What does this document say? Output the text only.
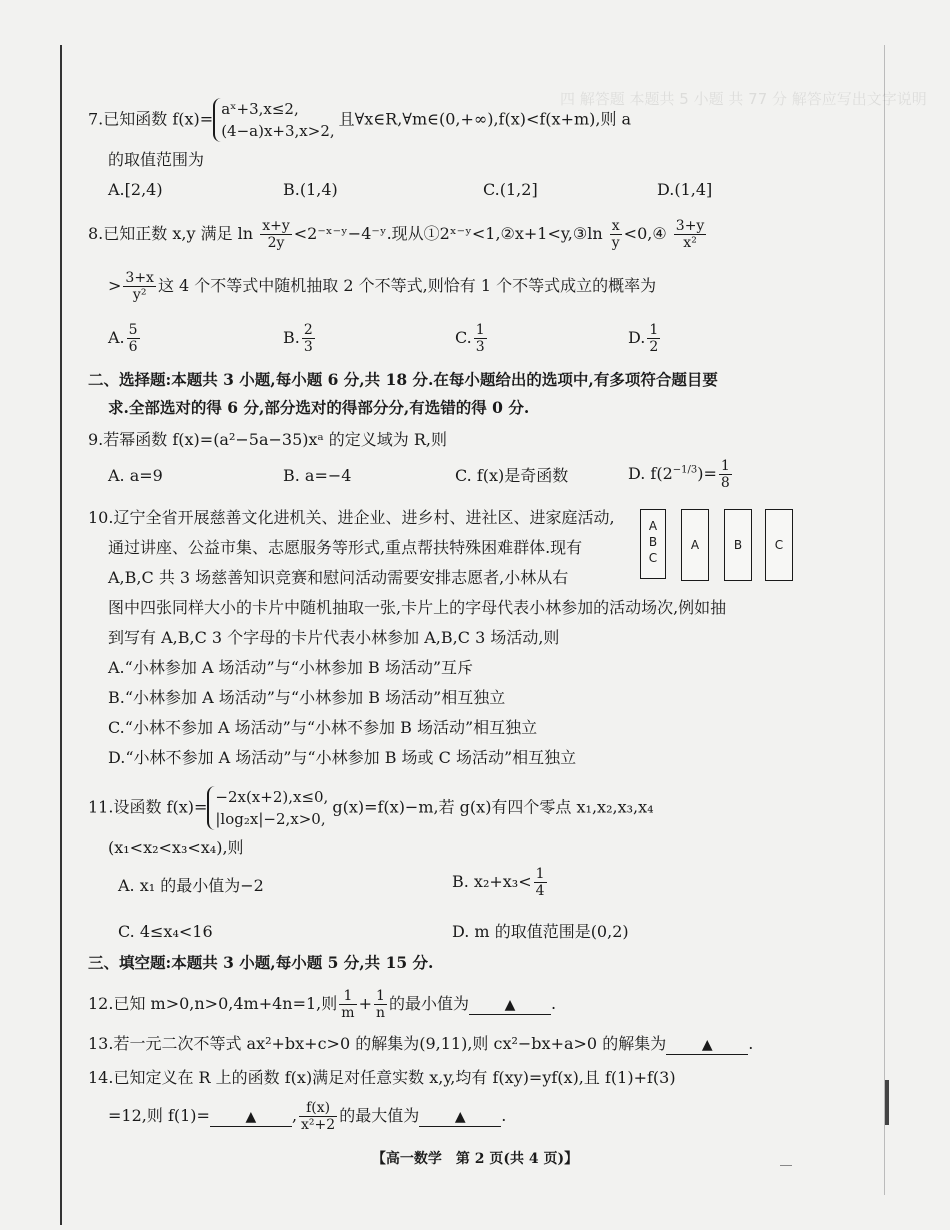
四 解答题 本题共 5 小题 共 77 分 解答应写出文字说明
7.已知函数 f(x)=
aˣ+3,x≤2,
(4−a)x+3,x>2,
且∀x∈R,∀m∈(0,+∞),f(x)<f(x+m),则 a
的取值范围为
A.[2,4)	B.(1,4)	C.(1,2]	D.(1,4]
8.已知正数 x,y 满足 $\ln \frac{x+y}{2y}$ <2⁻ˣ⁻ʸ−4⁻ʸ.现从①2ˣ⁻ʸ<1,②x+1<y,③ln $\frac{x}{y}$ <0,④ $\frac{3+y}{\text{x²}}$
> $\frac{3+x}{\text{y²}}$ 这 4 个不等式中随机抽取 2 个不等式,则恰有 1 个不等式成立的概率为
A. $\frac{5}{6}$	B. $\frac{2}{3}$	C. $\frac{1}{3}$	D. $\frac{1}{2}$
二、选择题:本题共 3 小题,每小题 6 分,共 18 分.在每小题给出的选项中,有多项符合题目要
求.全部选对的得 6 分,部分选对的得部分分,有选错的得 0 分.
9.若幂函数 f(x)=(a²−5a−35)xᵃ 的定义域为 R,则
A. a=9	B. a=−4	C. f(x)是奇函数	D. $f(2^{-1/3})= \frac{1}{8}$
10.辽宁全省开展慈善文化进机关、进企业、进乡村、进社区、进家庭活动,
通过讲座、公益市集、志愿服务等形式,重点帮扶特殊困难群体.现有
A,B,C 共 3 场慈善知识竞赛和慰问活动需要安排志愿者,小林从右
图中四张同样大小的卡片中随机抽取一张,卡片上的字母代表小林参加的活动场次,例如抽
到写有 A,B,C 3 个字母的卡片代表小林参加 A,B,C 3 场活动,则
A
B
C
A	B	C
A.“小林参加 A 场活动”与“小林参加 B 场活动”互斥
B.“小林参加 A 场活动”与“小林参加 B 场活动”相互独立
C.“小林不参加 A 场活动”与“小林不参加 B 场活动”相互独立
D.“小林不参加 A 场活动”与“小林参加 B 场或 C 场活动”相互独立
11.设函数 f(x)=
−2x(x+2),x≤0,
|log₂x|−2,x>0,
g(x)=f(x)−m,若 g(x)有四个零点 x₁,x₂,x₃,x₄
(x₁<x₂<x₃<x₄),则
A. x₁ 的最小值为−2	B. $x_2+x_3< \frac{1}{4}$
C. 4≤x₄<16	D. m 的取值范围是(0,2)
三、填空题:本题共 3 小题,每小题 5 分,共 15 分.
12.已知 m>0,n>0,4m+4n=1,则 $\frac{1}{m} + \frac{1}{n}$ 的最小值为	▲ .
13.若一元二次不等式 ax²+bx+c>0 的解集为(9,11),则 cx²−bx+a>0 的解集为	▲ .
14.已知定义在 R 上的函数 f(x)满足对任意实数 x,y,均有 f(xy)=yf(x),且 f(1)+f(3)
=12,则 f(1)=	▲ , $\frac{f(x)}{\text{x²+2}}$ 的最大值为	▲ .
【高一数学　第 2 页(共 4 页)】
